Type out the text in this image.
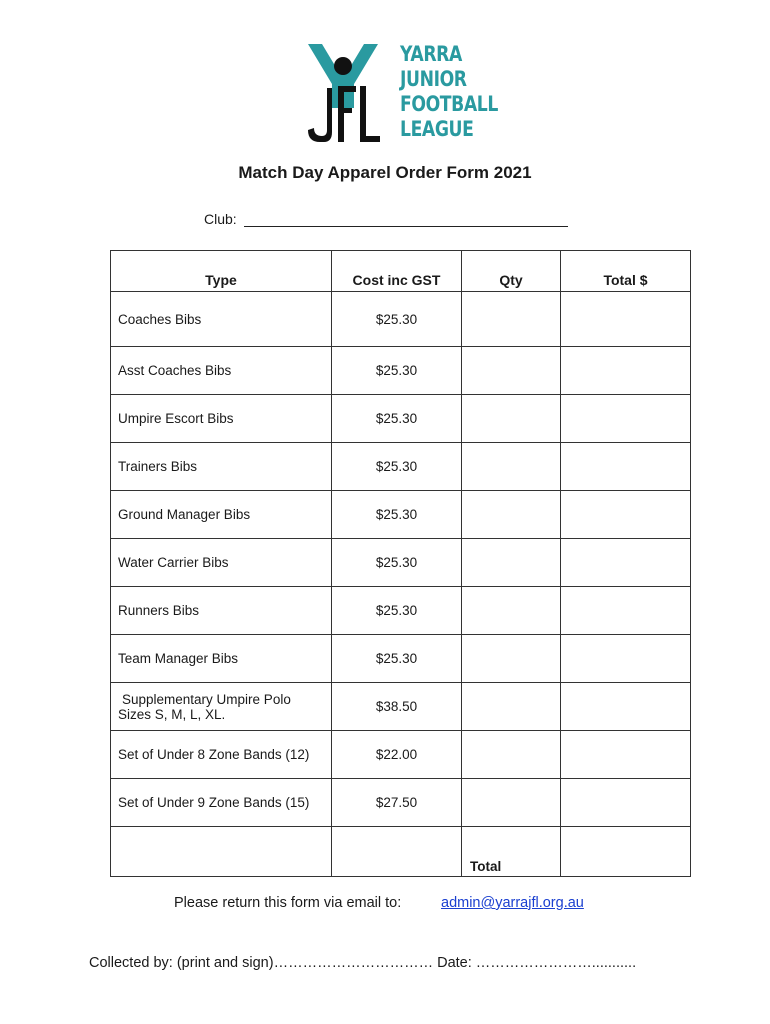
YARRA
JUNIOR
FOOTBALL
LEAGUE
Match Day Apparel Order Form 2021
Club:
Type	Cost inc GST	Qty	Total $
Coaches Bibs	$25.30		
Asst Coaches Bibs	$25.30		
Umpire Escort Bibs	$25.30		
Trainers Bibs	$25.30		
Ground Manager Bibs	$25.30		
Water Carrier Bibs	$25.30		
Runners Bibs	$25.30		
Team Manager Bibs	$25.30		

Supplementary Umpire Polo
Sizes S, M, L, XL.	$38.50		
Set of Under 8 Zone Bands (12)	$22.00		
Set of Under 9 Zone Bands (15)	$27.50		
		Total	
Please return this form via email to:	admin@yarrajfl.org.au
Collected by: (print and sign)…………………………… Date: ……………………...........
